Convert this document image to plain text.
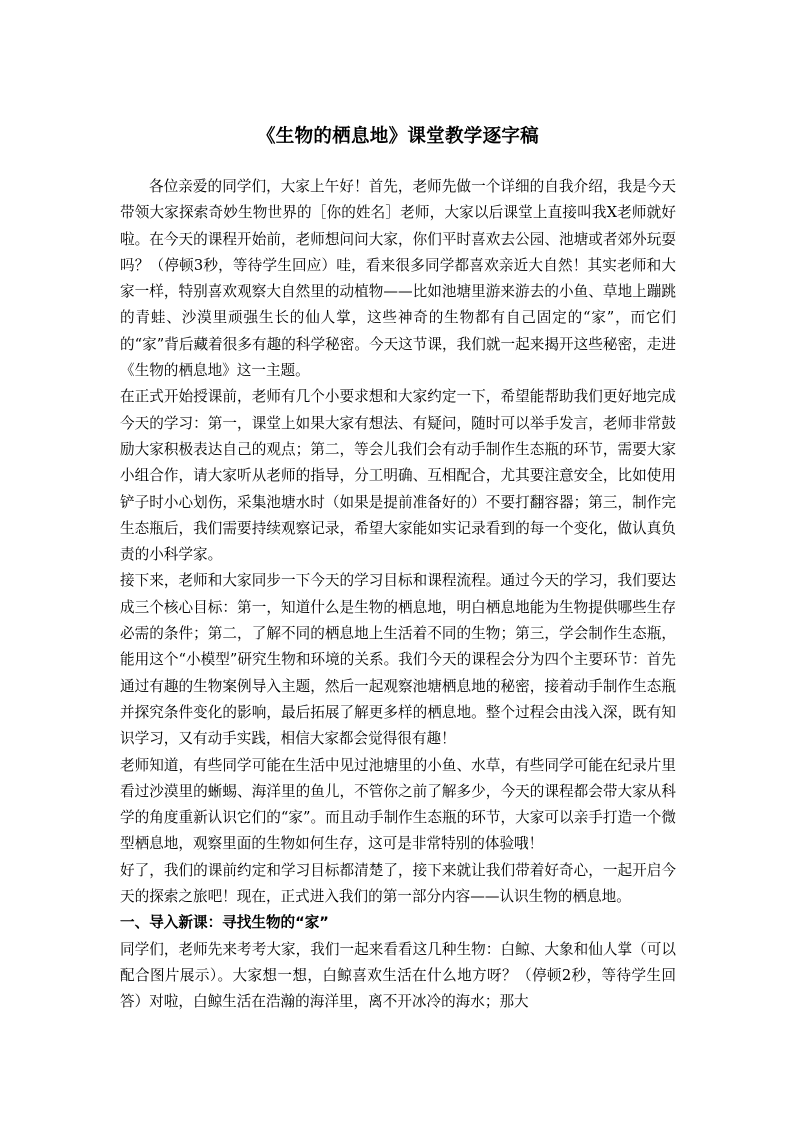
《生物的栖息地》课堂教学逐字稿

各位亲爱的同学们，大家上午好！首先，老师先做一个详细的自我介绍，我是今天带领大家探索奇妙生物世界的［你的姓名］老师，大家以后课堂上直接叫我X老师就好啦。在今天的课程开始前，老师想问问大家，你们平时喜欢去公园、池塘或者郊外玩耍吗？（停顿3秒，等待学生回应）哇，看来很多同学都喜欢亲近大自然！其实老师和大家一样，特别喜欢观察大自然里的动植物——比如池塘里游来游去的小鱼、草地上蹦跳的青蛙、沙漠里顽强生长的仙人掌，这些神奇的生物都有自己固定的“家”，而它们的“家”背后藏着很多有趣的科学秘密。今天这节课，我们就一起来揭开这些秘密，走进《生物的栖息地》这一主题。

在正式开始授课前，老师有几个小要求想和大家约定一下，希望能帮助我们更好地完成今天的学习：第一，课堂上如果大家有想法、有疑问，随时可以举手发言，老师非常鼓励大家积极表达自己的观点；第二，等会儿我们会有动手制作生态瓶的环节，需要大家小组合作，请大家听从老师的指导，分工明确、互相配合，尤其要注意安全，比如使用铲子时小心划伤，采集池塘水时（如果是提前准备好的）不要打翻容器；第三，制作完生态瓶后，我们需要持续观察记录，希望大家能如实记录看到的每一个变化，做认真负责的小科学家。

接下来，老师和大家同步一下今天的学习目标和课程流程。通过今天的学习，我们要达成三个核心目标：第一，知道什么是生物的栖息地，明白栖息地能为生物提供哪些生存必需的条件；第二，了解不同的栖息地上生活着不同的生物；第三，学会制作生态瓶，能用这个“小模型”研究生物和环境的关系。我们今天的课程会分为四个主要环节：首先通过有趣的生物案例导入主题，然后一起观察池塘栖息地的秘密，接着动手制作生态瓶并探究条件变化的影响，最后拓展了解更多样的栖息地。整个过程会由浅入深，既有知识学习，又有动手实践，相信大家都会觉得很有趣！

老师知道，有些同学可能在生活中见过池塘里的小鱼、水草，有些同学可能在纪录片里看过沙漠里的蜥蜴、海洋里的鱼儿，不管你之前了解多少，今天的课程都会带大家从科学的角度重新认识它们的“家”。而且动手制作生态瓶的环节，大家可以亲手打造一个微型栖息地，观察里面的生物如何生存，这可是非常特别的体验哦！

好了，我们的课前约定和学习目标都清楚了，接下来就让我们带着好奇心，一起开启今天的探索之旅吧！现在，正式进入我们的第一部分内容——认识生物的栖息地。

一、导入新课：寻找生物的“家”

同学们，老师先来考考大家，我们一起来看看这几种生物：白鲸、大象和仙人掌（可以配合图片展示）。大家想一想，白鲸喜欢生活在什么地方呀？（停顿2秒，等待学生回答）对啦，白鲸生活在浩瀚的海洋里，离不开冰冷的海水；那大
